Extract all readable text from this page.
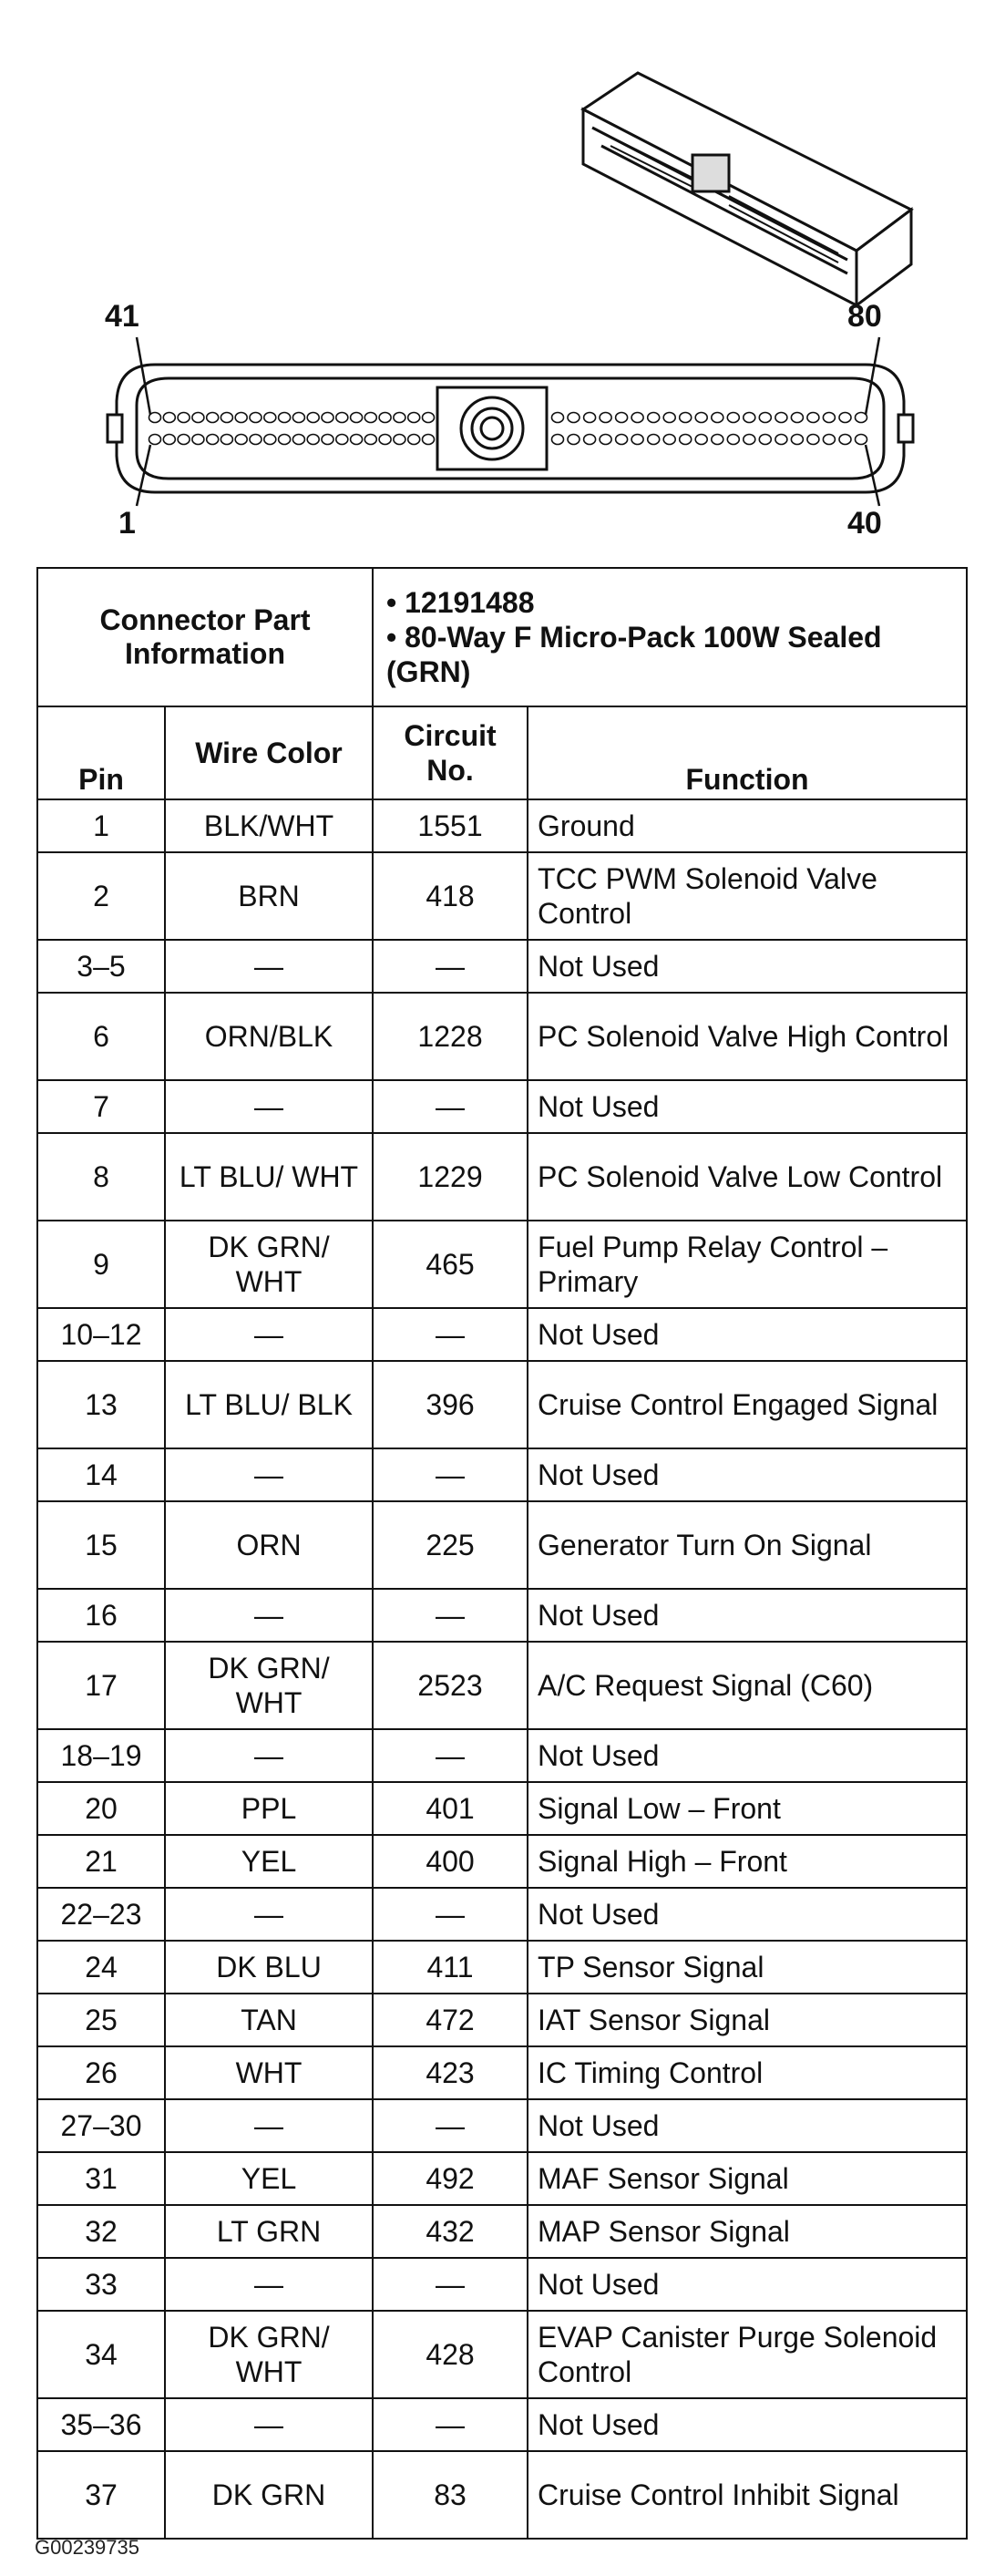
41	80
1	40
Connector Part Information		• 12191488
• 80-Way F Micro-Pack 100W Sealed (GRN)	

Pin	Wire Color	Circuit No.	Function
1	BLK/WHT	1551	Ground
2	BRN	418	TCC PWM Solenoid Valve Control
3–5	—	—	Not Used
6	ORN/BLK	1228	PC Solenoid Valve High Control
7	—	—	Not Used
8	LT BLU/ WHT	1229	PC Solenoid Valve Low Control
9	DK GRN/ WHT	465	Fuel Pump Relay Control – Primary
10–12	—	—	Not Used
13	LT BLU/ BLK	396	Cruise Control Engaged Signal
14	—	—	Not Used
15	ORN	225	Generator Turn On Signal
16	—	—	Not Used
17	DK GRN/ WHT	2523	A/C Request Signal (C60)
18–19	—	—	Not Used
20	PPL	401	Signal Low – Front
21	YEL	400	Signal High – Front
22–23	—	—	Not Used
24	DK BLU	411	TP Sensor Signal
25	TAN	472	IAT Sensor Signal
26	WHT	423	IC Timing Control
27–30	—	—	Not Used
31	YEL	492	MAF Sensor Signal
32	LT GRN	432	MAP Sensor Signal
33	—	—	Not Used
34	DK GRN/ WHT	428	EVAP Canister Purge Solenoid Control
35–36	—	—	Not Used
37	DK GRN	83	Cruise Control Inhibit Signal
G00239735
